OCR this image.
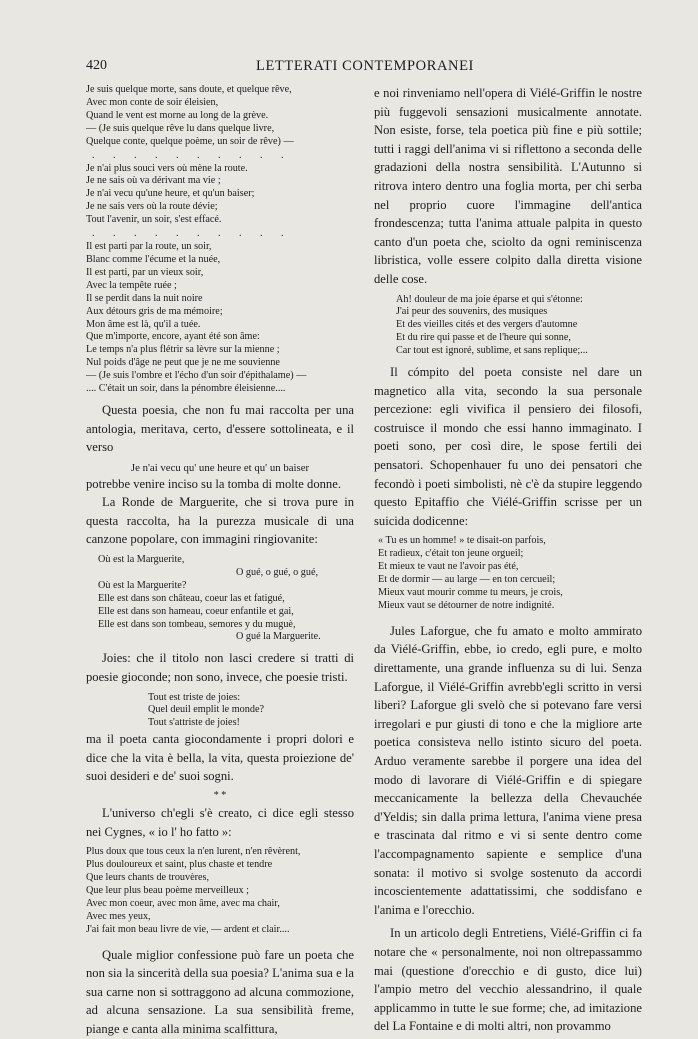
420	LETTERATI CONTEMPORANEI
Je suis quelque morte, sans doute, et quelque rêve,
Avec mon conte de soir éleisien,
Quand le vent est morne au long de la grève.
— (Je suis quelque rêve lu dans quelque livre,
Quelque conte, quelque poème, un soir de rêve) —
. . . . . . . . . .
Je n'ai plus souci vers où mène la route.
Je ne sais où va dérivant ma vie ;
Je n'ai vecu qu'une heure, et qu'un baiser;
Je ne sais vers où la route dévie;
Tout l'avenir, un soir, s'est effacé.
. . . . . . . . . .
Il est parti par la route, un soir,
Blanc comme l'écume et la nuée,
Il est parti, par un vieux soir,
Avec la tempête ruée ;
Il se perdit dans la nuit noire
Aux détours gris de ma mémoire;
Mon âme est là, qu'il a tuée.
Que m'importe, encore, ayant été son âme:
Le temps n'a plus flétrir sa lèvre sur la mienne ;
Nul poids d'âge ne peut que je ne me souvienne
— (Je suis l'ombre et l'écho d'un soir d'épithalame) —
.... C'était un soir, dans la pénombre éleisienne....

Questa poesia, che non fu mai raccolta per una antologia, meritava, certo, d'essere sottolineata, e il verso

Je n'ai vecu qu' une heure et qu' un baiser

potrebbe venire inciso su la tomba di molte donne.

La Ronde de Marguerite, che si trova pure in questa raccolta, ha la purezza musicale di una canzone popolare, con immagini ringiovanite:

Où est la Marguerite,
O gué, o gué, o gué,
Où est la Marguerite?
Elle est dans son château, coeur las et fatigué,
Elle est dans son hameau, coeur enfantile et gai,
Elle est dans son tombeau, semores y du muguè,
O gué la Marguerite.

Joies: che il titolo non lasci credere si tratti di poesie gioconde; non sono, invece, che poesie tristi.

Tout est triste de joies:
Quel deuil emplit le monde?
Tout s'attriste de joies!

ma il poeta canta giocondamente i propri dolori e dice che la vita è bella, la vita, questa proiezione de' suoi desideri e de' suoi sogni.

* *

L'universo ch'egli s'è creato, ci dice egli stesso nei Cygnes, « io l' ho fatto »:

Plus doux que tous ceux la n'en lurent, n'en rêvèrent,
Plus douloureux et saint, plus chaste et tendre
Que leurs chants de trouvères,
Que leur plus beau poème merveilleux ;
Avec mon coeur, avec mon âme, avec ma chair,
Avec mes yeux,
J'ai fait mon beau livre de vie, — ardent et clair....

Quale miglior confessione può fare un poeta che non sia la sincerità della sua poesia? L'anima sua e la sua carne non si sottraggono ad alcuna commozione, ad alcuna sensazione. La sua sensibilità freme, piange e canta alla minima scalfittura,

e noi rinveniamo nell'opera di Viélé-Griffin le nostre più fuggevoli sensazioni musicalmente annotate. Non esiste, forse, tela poetica più fine e più sottile; tutti i raggi dell'anima vi si riflettono a seconda delle gradazioni della nostra sensibilità. L'Autunno si ritrova intero dentro una foglia morta, per chi serba nel proprio cuore l'immagine dell'antica frondescenza; tutta l'anima attuale palpita in questo canto d'un poeta che, sciolto da ogni reminiscenza libristica, volle essere colpito dalla diretta visione delle cose.

Ah! douleur de ma joie éparse et qui s'étonne:
J'ai peur des souvenirs, des musiques
Et des vieilles cités et des vergers d'automne
Et du rire qui passe et de l'heure qui sonne,
Car tout est ignoré, sublime, et sans replique;...

Il cómpito del poeta consiste nel dare un magnetico alla vita, secondo la sua personale percezione: egli vivifica il pensiero dei filosofi, costruisce il mondo che essi hanno immaginato. I poeti sono, per così dire, le spose fertili dei pensatori. Schopenhauer fu uno dei pensatori che fecondò i poeti simbolisti, nè c'è da stupire leggendo questo Epitaffio che Viélé-Griffin scrisse per un suicida dodicenne:

« Tu es un homme! » te disait-on parfois,
Et radieux, c'était ton jeune orgueil;
Et mieux te vaut ne l'avoir pas été,
Et de dormir — au large — en ton cercueil;
Mieux vaut mourir comme tu meurs, je crois,
Mieux vaut se détourner de notre indignité.

Jules Laforgue, che fu amato e molto ammirato da Viélé-Griffin, ebbe, io credo, egli pure, e molto direttamente, una grande influenza su di lui. Senza Laforgue, il Viélé-Griffin avrebb'egli scritto in versi liberi? Laforgue gli svelò che si potevano fare versi irregolari e pur giusti di tono e che la migliore arte poetica consisteva nello istinto sicuro del poeta. Arduo veramente sarebbe il porgere una idea del modo di lavorare di Viélé-Griffin e di spiegare meccanicamente la bellezza della Chevauchée d'Yeldis; sin dalla prima lettura, l'anima viene presa e trascinata dal ritmo e vi si sente dentro come l'accompagnamento sapiente e semplice d'una sonata: il motivo si svolge sostenuto da accordi incoscientemente adattatissimi, che soddisfano e l'anima e l'orecchio.

In un articolo degli Entretiens, Viélé-Griffin ci fa notare che « personalmente, noi non oltrepassammo mai (questione d'orecchio e di gusto, dice lui) l'ampio metro del vecchio alessandrino, il quale applicammo in tutte le sue forme; che, ad imitazione del La Fontaine e di molti altri, non provammo
